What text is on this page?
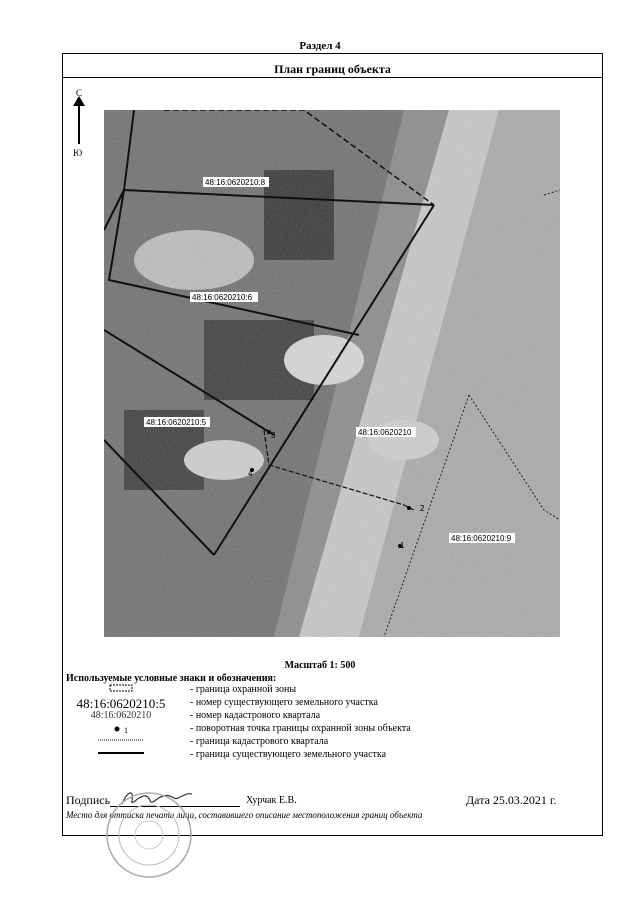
Раздел 4
План границ объекта
С
Ю
48:16:0620210:8
48:16:0620210:6
48:16:0620210:5
48:16:0620210
48:16:0620210:9
3
4
2
1
Масштаб 1: 500
Используемые условные знаки и обозначения:
- граница охранной зоны
48:16:0620210:5	- номер существующего земельного участка
48:16:0620210	- номер кадастрового квартала
1	- поворотная точка границы охранной зоны объекта
- граница кадастрового квартала
- граница существующего земельного участка
Подпись	Хурчак Е.В.	Дата 25.03.2021 г.
Место для оттиска печати лица, составившего описание местоположения границ объекта
